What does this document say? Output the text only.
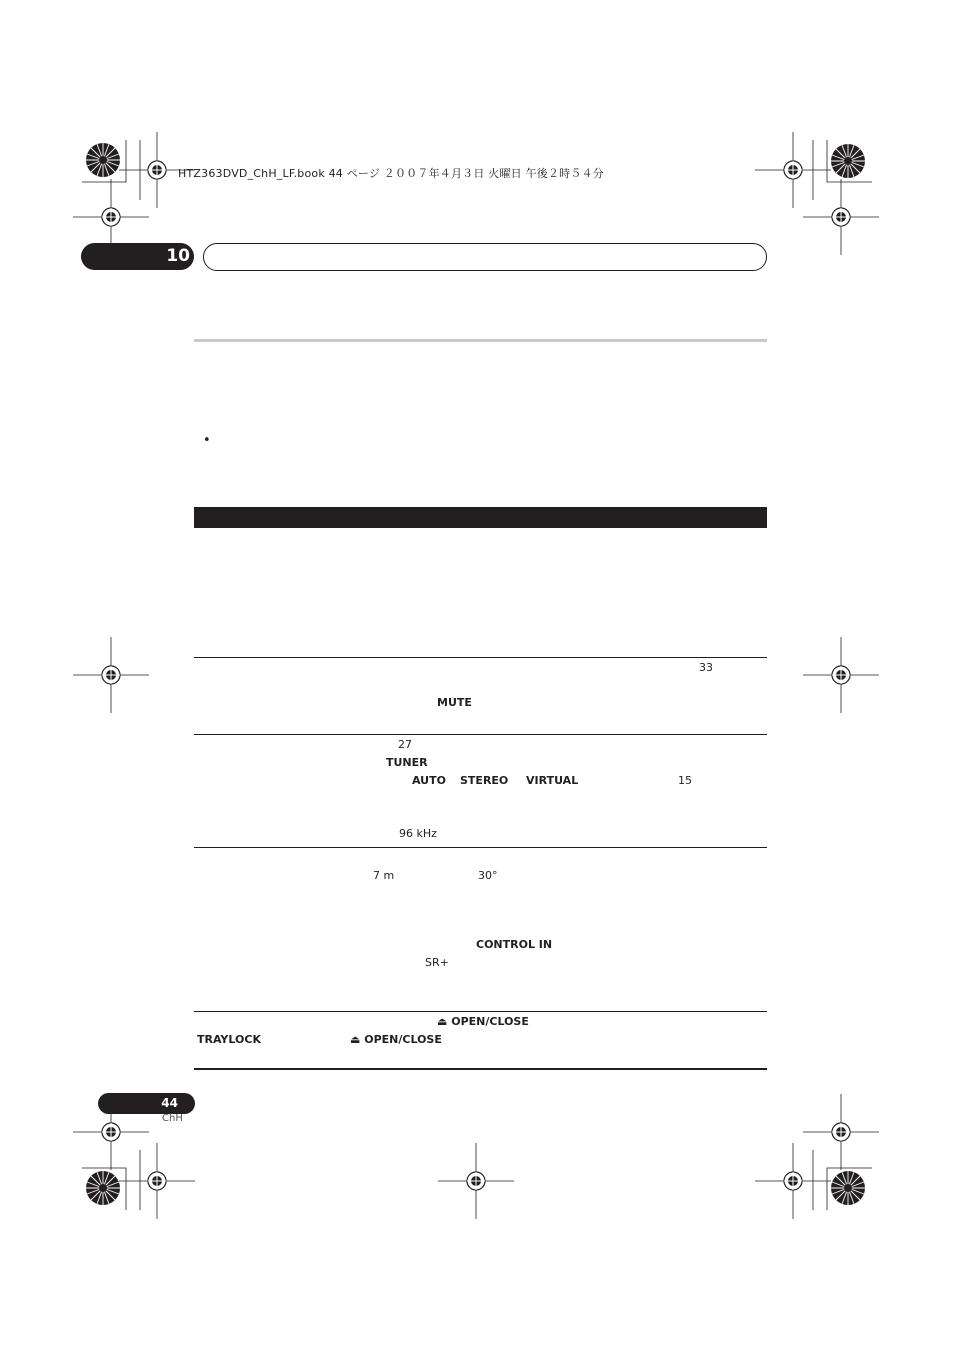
HTZ363DVD_ChH_LF.book 44 ページ ２００７年４月３日 火曜日 午後２時５４分
10
•
33
MUTE
27
TUNER
AUTO STEREO VIRTUAL	15
96 kHz
7 m	30°
CONTROL IN
SR+
⏏ OPEN/CLOSE
TRAYLOCK	⏏ OPEN/CLOSE
44
ChH
